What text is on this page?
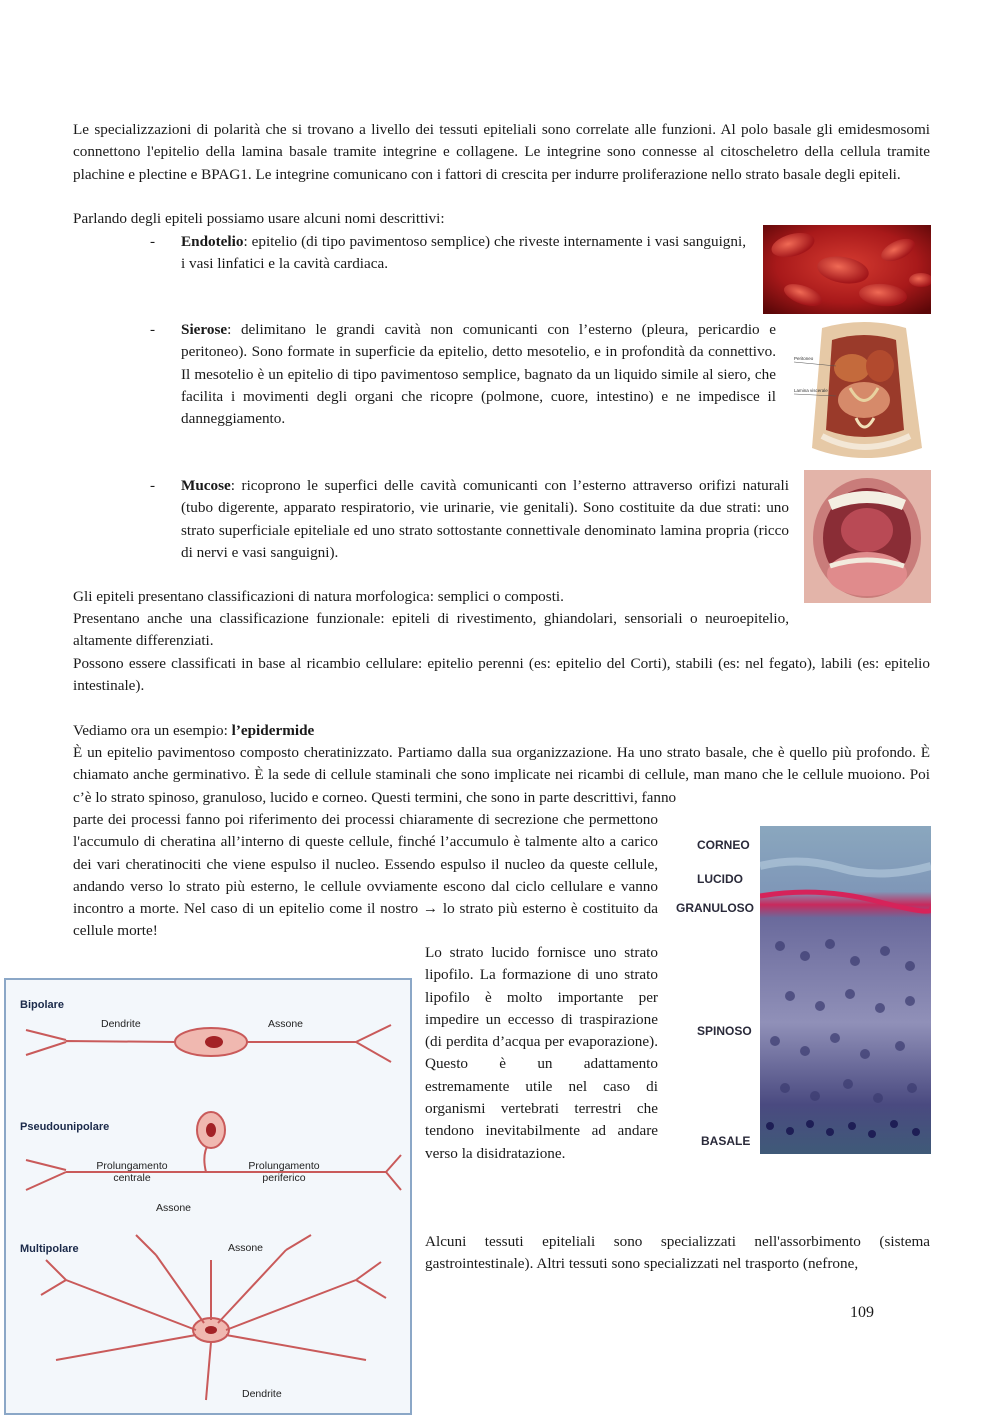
Le specializzazioni di polarità che si trovano a livello dei tessuti epiteliali sono correlate alle funzioni. Al polo basale gli emidesmosomi connettono l'epitelio della lamina basale tramite integrine e collagene. Le integrine sono connesse al citoscheletro della cellula tramite plachine e plectine e BPAG1. Le integrine comunicano con i fattori di crescita per indurre proliferazione nello strato basale degli epiteli.
Parlando degli epiteli possiamo usare alcuni nomi descrittivi:
- Endotelio: epitelio (di tipo pavimentoso semplice) che riveste internamente i vasi sanguigni, i vasi linfatici e la cavità cardiaca.
- Sierose: delimitano le grandi cavità non comunicanti con l’esterno (pleura, pericardio e peritoneo). Sono formate in superficie da epitelio, detto mesotelio, e in profondità da connettivo. Il mesotelio è un epitelio di tipo pavimentoso semplice, bagnato da un liquido simile al siero, che facilita i movimenti degli organi che ricopre (polmone, cuore, intestino) e ne impedisce il danneggiamento.
Peritoneo
Lamina viscerale
- Mucose: ricoprono le superfici delle cavità comunicanti con l’esterno attraverso orifizi naturali (tubo digerente, apparato respiratorio, vie urinarie, vie genitali). Sono costituite da due strati: uno strato superficiale epiteliale ed uno strato sottostante connettivale denominato lamina propria (ricco di nervi e vasi sanguigni).
Gli epiteli presentano classificazioni di natura morfologica: semplici o composti.
Presentano anche una classificazione funzionale: epiteli di rivestimento, ghiandolari, sensoriali o neuroepitelio, altamente differenziati.
Possono essere classificati in base al ricambio cellulare: epitelio perenni (es: epitelio del Corti), stabili (es: nel fegato), labili (es: epitelio intestinale).
Vediamo ora un esempio: l’epidermide
È un epitelio pavimentoso composto cheratinizzato. Partiamo dalla sua organizzazione. Ha uno strato basale, che è quello più profondo. È chiamato anche germinativo. È la sede di cellule staminali che sono implicate nei ricambi di cellule, man mano che le cellule muoiono. Poi c’è lo strato spinoso, granuloso, lucido e corneo. Questi termini, che sono in parte descrittivi, fanno
parte dei processi fanno poi riferimento dei processi chiaramente di secrezione che permettono l'accumulo di cheratina all’interno di queste cellule, finché l’accumulo è talmente alto a carico dei vari cheratinociti che viene espulso il nucleo. Essendo espulso il nucleo da queste cellule, andando verso lo strato più esterno, le cellule ovviamente escono dal ciclo cellulare e vanno incontro a morte. Nel caso di un epitelio come il nostro → lo strato più esterno è costituito da cellule morte!
CORNEO
LUCIDO
GRANULOSO
SPINOSO
BASALE
Lo strato lucido fornisce uno strato lipofilo. La formazione di uno strato lipofilo è molto importante per impedire un eccesso di traspirazione (di perdita d’acqua per evaporazione). Questo è un adattamento estremamente utile nel caso di organismi vertebrati terrestri che tendono inevitabilmente ad andare verso la disidratazione.
Alcuni tessuti epiteliali sono specializzati nell'assorbimento (sistema gastrointestinale). Altri tessuti sono specializzati nel trasporto (nefrone,
109
Bipolare
Dendrite	Assone
Pseudounipolare
Prolungamento centrale
Prolungamento periferico
Assone
Multipolare	Assone
Dendrite
